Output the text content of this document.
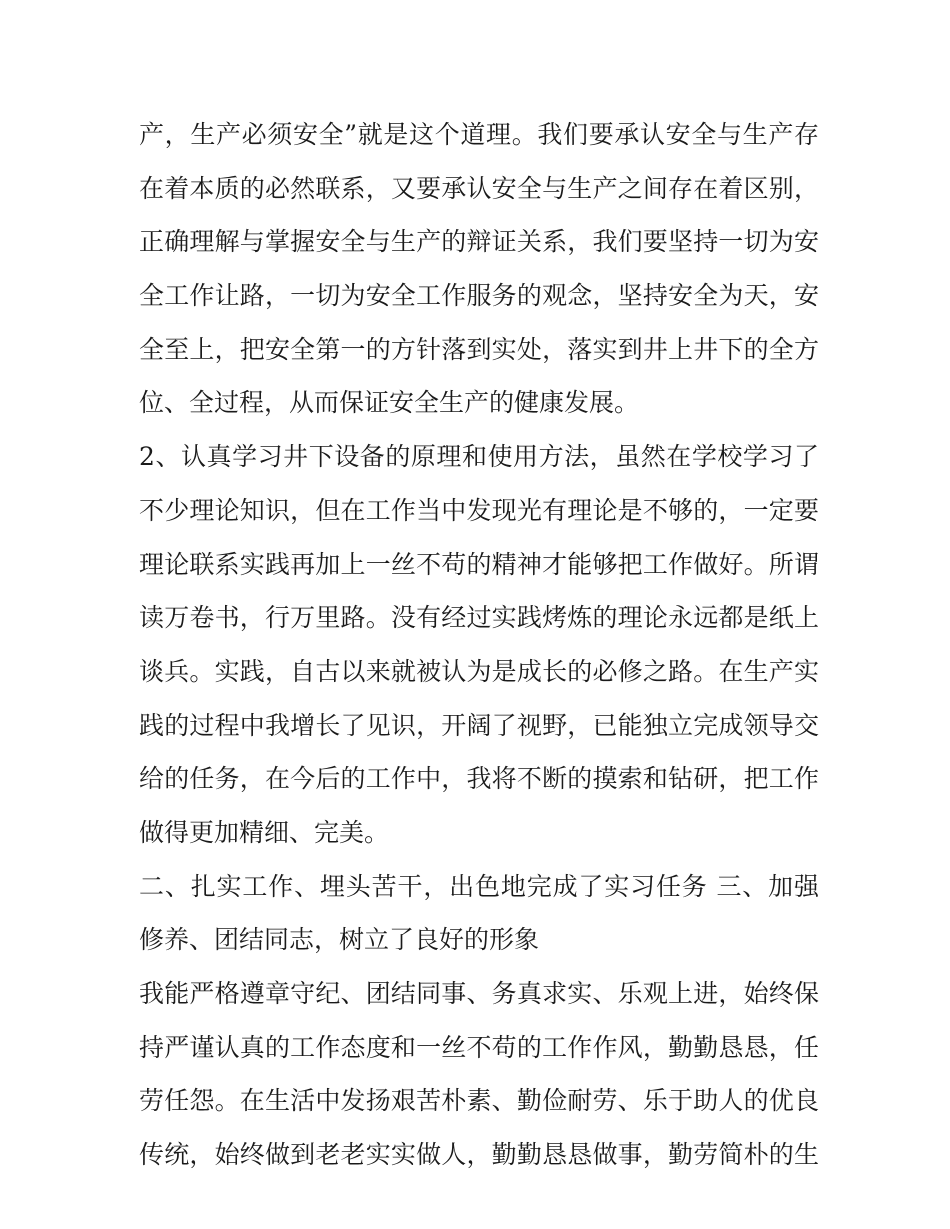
产，生产必须安全”就是这个道理。我们要承认安全与生产存
在着本质的必然联系，又要承认安全与生产之间存在着区别，
正确理解与掌握安全与生产的辩证关系，我们要坚持一切为安
全工作让路，一切为安全工作服务的观念，坚持安全为天，安
全至上，把安全第一的方针落到实处，落实到井上井下的全方
位、全过程，从而保证安全生产的健康发展。
2、认真学习井下设备的原理和使用方法，虽然在学校学习了
不少理论知识，但在工作当中发现光有理论是不够的，一定要
理论联系实践再加上一丝不苟的精神才能够把工作做好。所谓
读万卷书，行万里路。没有经过实践烤炼的理论永远都是纸上
谈兵。实践，自古以来就被认为是成长的必修之路。在生产实
践的过程中我增长了见识，开阔了视野，已能独立完成领导交
给的任务，在今后的工作中，我将不断的摸索和钻研，把工作
做得更加精细、完美。
二、扎实工作、埋头苦干，出色地完成了实习任务 三、加强
修养、团结同志，树立了良好的形象
我能严格遵章守纪、团结同事、务真求实、乐观上进，始终保
持严谨认真的工作态度和一丝不苟的工作作风，勤勤恳恳，任
劳任怨。在生活中发扬艰苦朴素、勤俭耐劳、乐于助人的优良
传统，始终做到老老实实做人，勤勤恳恳做事，勤劳简朴的生
